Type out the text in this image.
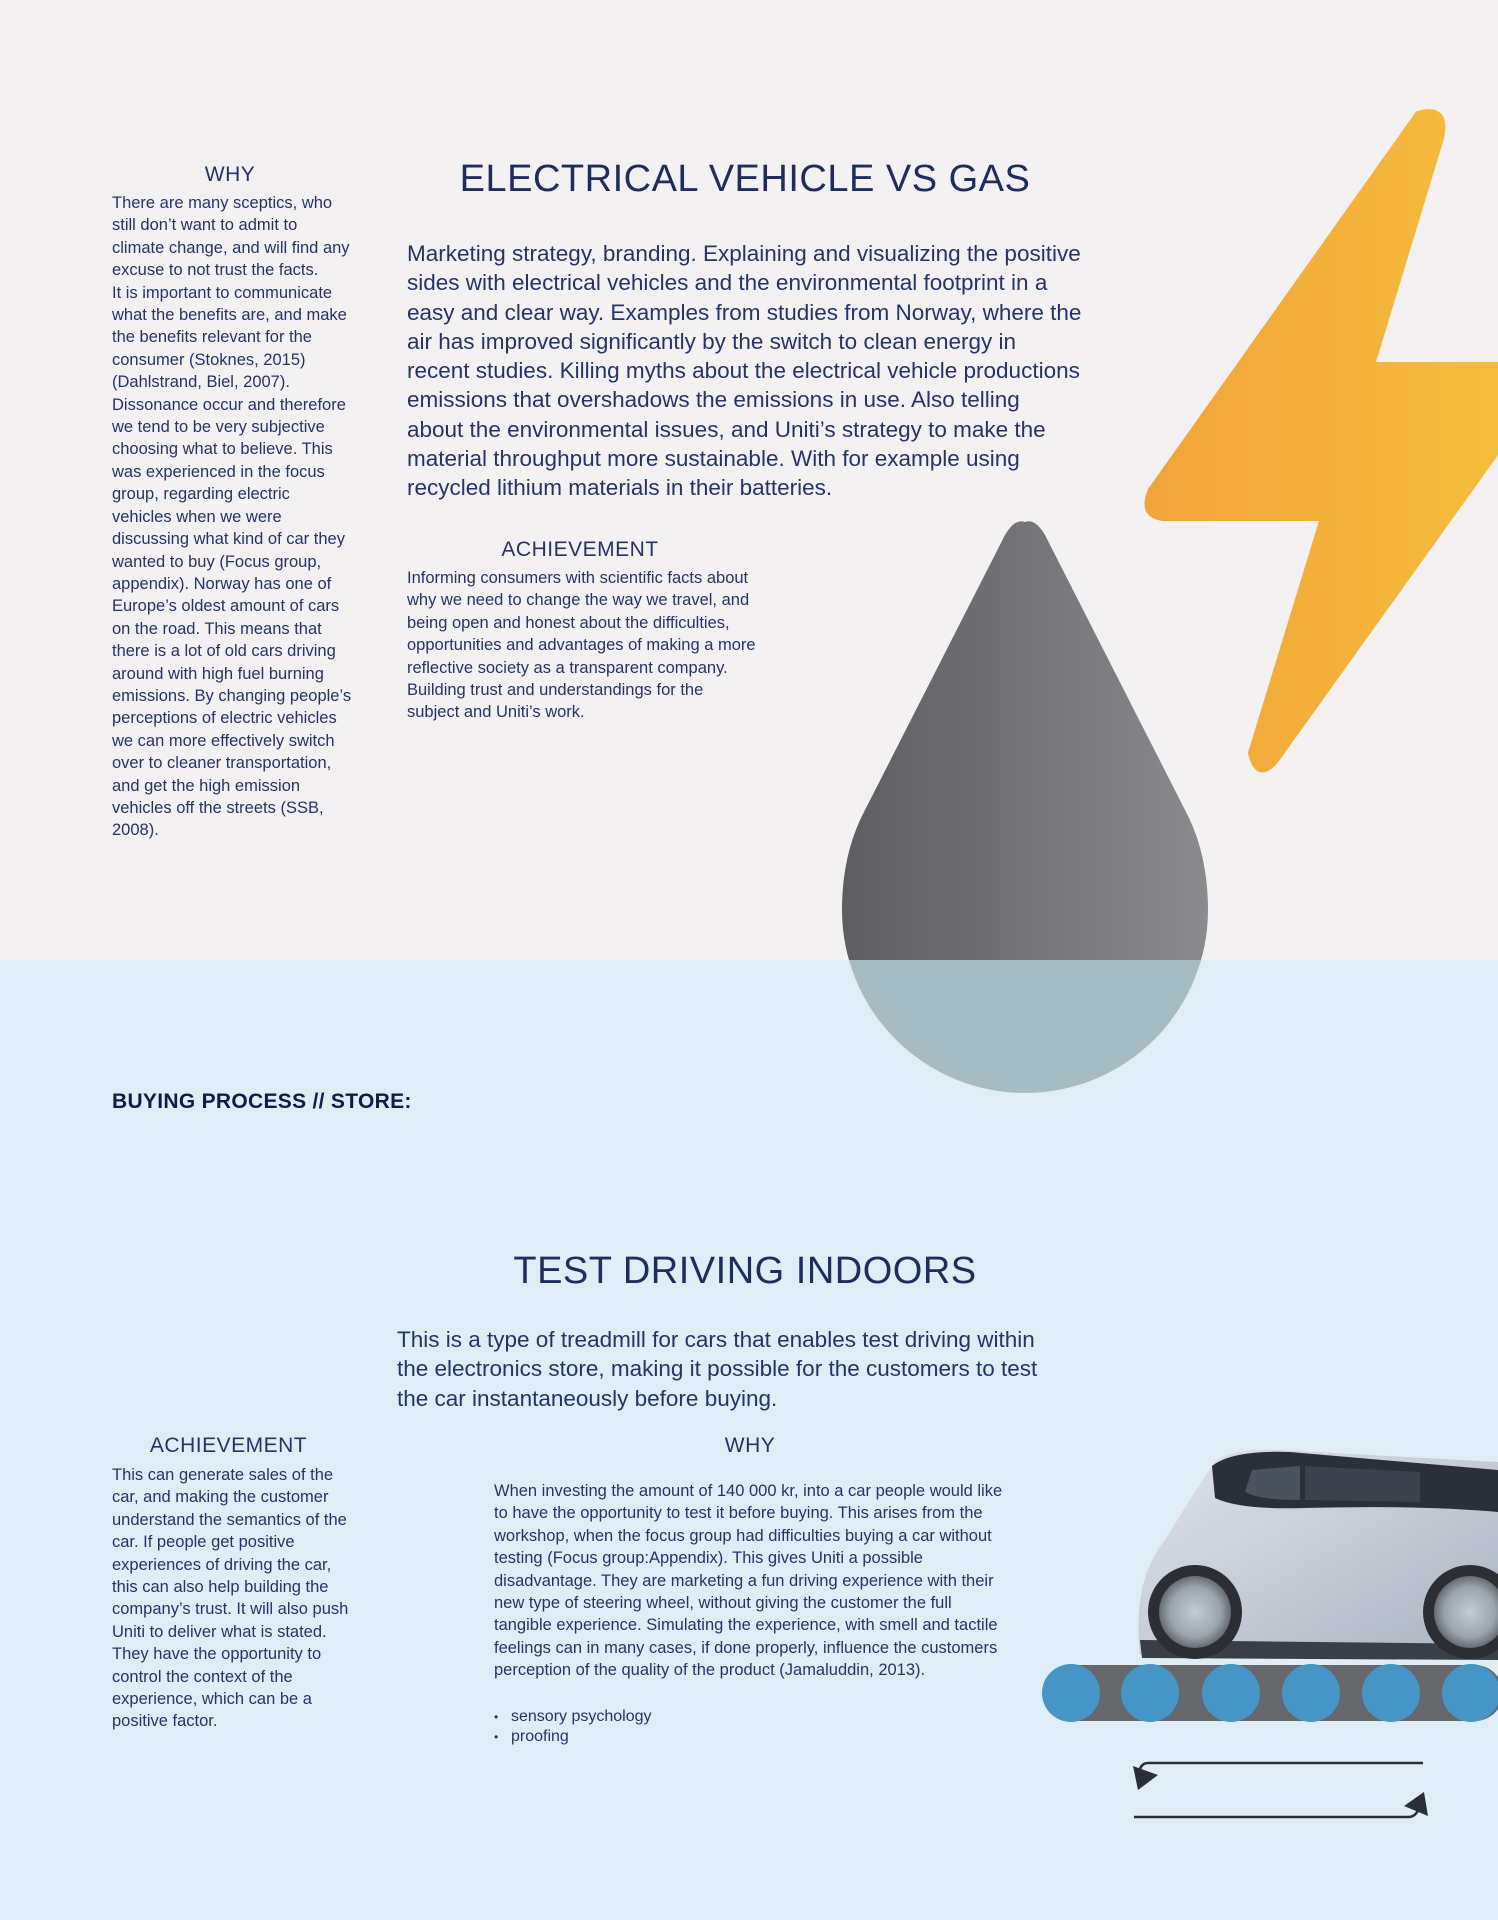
WHY
There are many sceptics, who still don’t want to admit to climate change, and will find any excuse to not trust the facts.
It is important to communicate what the benefits are, and make the benefits relevant for the consumer (Stoknes, 2015) (Dahlstrand, Biel, 2007).
Dissonance occur and therefore we tend to be very subjective choosing what to believe. This was experienced in the focus group, regarding electric vehicles when we were discussing what kind of car they wanted to buy (Focus group, appendix). Norway has one of Europe’s oldest amount of cars on the road. This means that there is a lot of old cars driving around with high fuel burning emissions. By changing people’s perceptions of electric vehicles we can more effectively switch over to cleaner transportation, and get the high emission vehicles off the streets (SSB, 2008).
ELECTRICAL VEHICLE VS GAS
Marketing strategy, branding. Explaining and visualizing the positive sides with electrical vehicles and the environmental footprint in a easy and clear way. Examples from studies from Norway, where the air has improved significantly by the switch to clean energy in recent studies. Killing myths about the electrical vehicle productions emissions that overshadows the emissions in use. Also telling about the environmental issues, and Uniti’s strategy to make the material throughput more sustainable. With for example using recycled lithium materials in their batteries.
ACHIEVEMENT
Informing consumers with scientific facts about why we need to change the way we travel, and being open and honest about the difficulties, opportunities and advantages of making a more reflective society as a transparent company. Building trust and understandings for the subject and Uniti’s work.
BUYING PROCESS // STORE:
TEST DRIVING INDOORS
This is a type of treadmill for cars that enables test driving within the electronics store, making it possible for the customers to test the car instantaneously before buying.
ACHIEVEMENT
This can generate sales of the car, and making the customer understand the semantics of the car. If people get positive experiences of driving the car, this can also help building the company’s trust. It will also push Uniti to deliver what is stated. They have the opportunity to control the context of the experience, which can be a positive factor.
WHY
When investing the amount of 140 000 kr, into a car people would like to have the opportunity to test it before buying. This arises from the workshop, when the focus group had difficulties buying a car without testing (Focus group:Appendix). This gives Uniti a possible disadvantage. They are marketing a fun driving experience with their new type of steering wheel, without giving the customer the full tangible experience. Simulating the experience, with smell and tactile feelings can in many cases, if done properly, influence the customers perception of the quality of the product (Jamaluddin, 2013).
• sensory psychology
• proofing
